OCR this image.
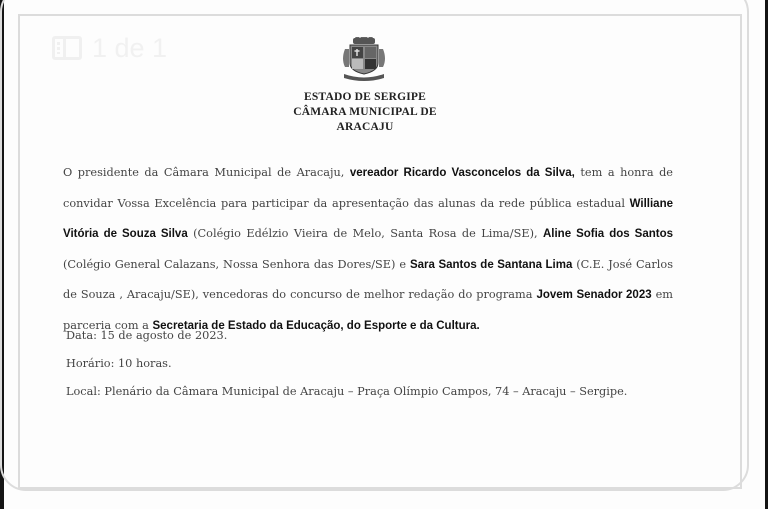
1 de 1
ESTADO DE SERGIPE
CÂMARA MUNICIPAL DE
ARACAJU
O presidente da Câmara Municipal de Aracaju, vereador Ricardo Vasconcelos da Silva, tem a honra de convidar Vossa Excelência para participar da apresentação das alunas da rede pública estadual Williane Vitória de Souza Silva (Colégio Edélzio Vieira de Melo, Santa Rosa de Lima/SE), Aline Sofia dos Santos (Colégio General Calazans, Nossa Senhora das Dores/SE) e Sara Santos de Santana Lima (C.E. José Carlos de Souza , Aracaju/SE), vencedoras do concurso de melhor redação do programa Jovem Senador 2023 em parceria com a Secretaria de Estado da Educação, do Esporte e da Cultura.
Data: 15 de agosto de 2023.
Horário: 10 horas.
Local: Plenário da Câmara Municipal de Aracaju – Praça Olímpio Campos, 74 – Aracaju – Sergipe.
